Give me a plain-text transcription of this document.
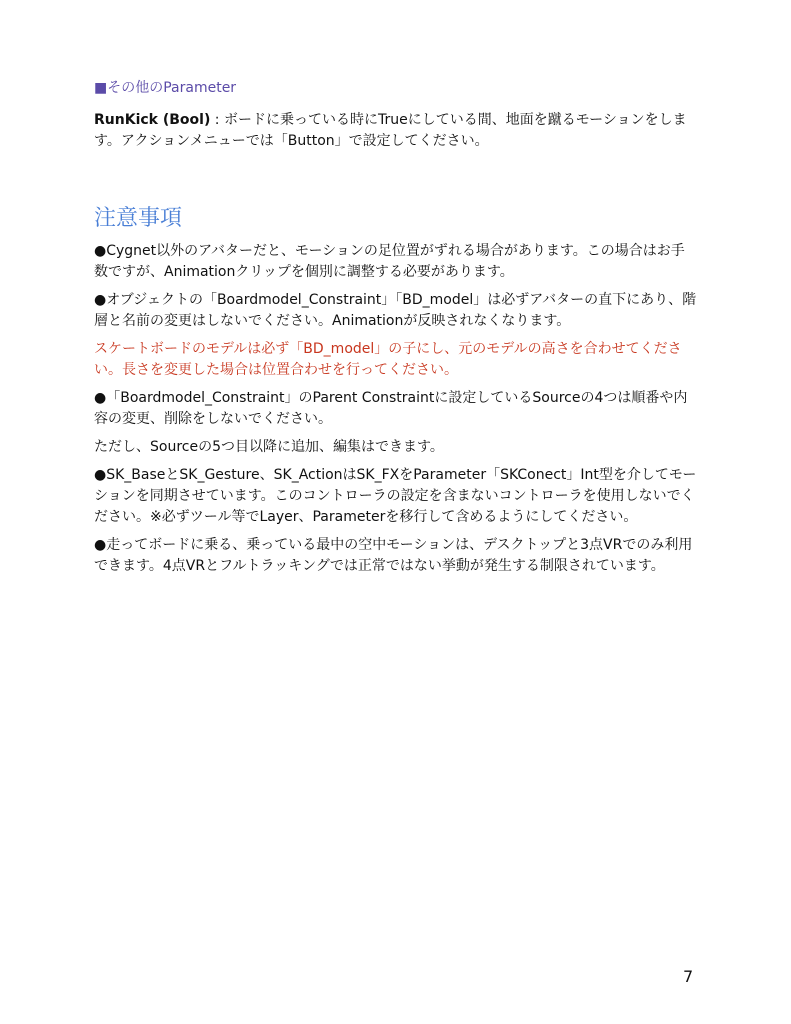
■その他のParameter

RunKick (Bool) : ボードに乗っている時にTrueにしている間、地面を蹴るモーションをします。アクションメニューでは「Button」で設定してください。

注意事項

●Cygnet以外のアバターだと、モーションの足位置がずれる場合があります。この場合はお手数ですが、Animationクリップを個別に調整する必要があります。

●オブジェクトの「Boardmodel_Constraint」「BD_model」は必ずアバターの直下にあり、階層と名前の変更はしないでください。Animationが反映されなくなります。

スケートボードのモデルは必ず「BD_model」の子にし、元のモデルの高さを合わせてください。長さを変更した場合は位置合わせを行ってください。

●「Boardmodel_Constraint」のParent Constraintに設定しているSourceの4つは順番や内容の変更、削除をしないでください。

ただし、Sourceの5つ目以降に追加、編集はできます。

●SK_BaseとSK_Gesture、SK_ActionはSK_FXをParameter「SKConect」Int型を介してモーションを同期させています。このコントローラの設定を含まないコントローラを使用しないでください。※必ずツール等でLayer、Parameterを移行して含めるようにしてください。

●走ってボードに乗る、乗っている最中の空中モーションは、デスクトップと3点VRでのみ利用できます。4点VRとフルトラッキングでは正常ではない挙動が発生する制限されています。

7
